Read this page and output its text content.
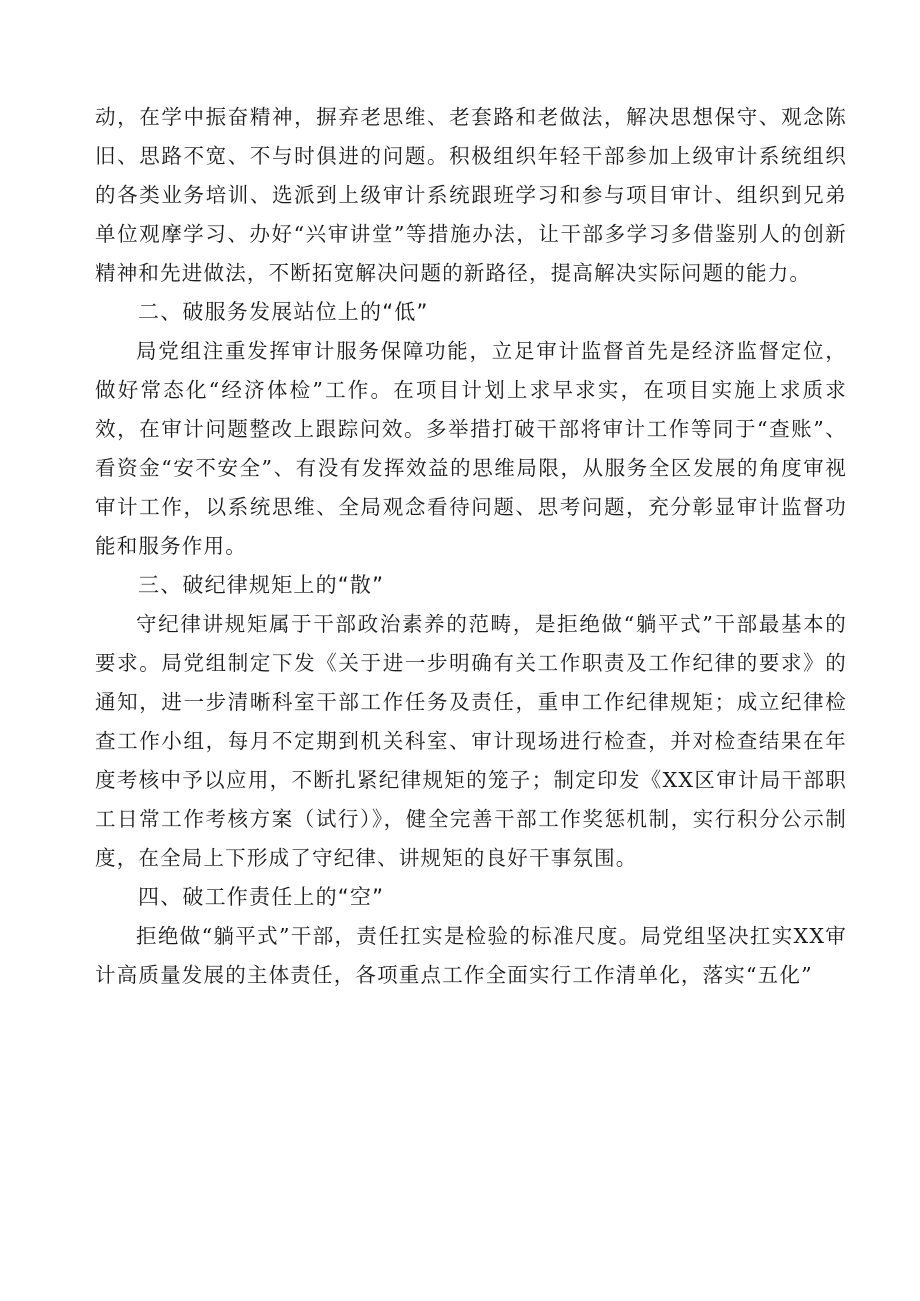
动，在学中振奋精神，摒弃老思维、老套路和老做法，解决思想保守、观念陈旧、思路不宽、不与时俱进的问题。积极组织年轻干部参加上级审计系统组织的各类业务培训、选派到上级审计系统跟班学习和参与项目审计、组织到兄弟单位观摩学习、办好“兴审讲堂”等措施办法，让干部多学习多借鉴别人的创新精神和先进做法，不断拓宽解决问题的新路径，提高解决实际问题的能力。

二、破服务发展站位上的“低”

局党组注重发挥审计服务保障功能，立足审计监督首先是经济监督定位，做好常态化“经济体检”工作。在项目计划上求早求实，在项目实施上求质求效，在审计问题整改上跟踪问效。多举措打破干部将审计工作等同于“查账”、看资金“安不安全”、有没有发挥效益的思维局限，从服务全区发展的角度审视审计工作，以系统思维、全局观念看待问题、思考问题，充分彰显审计监督功能和服务作用。

三、破纪律规矩上的“散”

守纪律讲规矩属于干部政治素养的范畴，是拒绝做“躺平式”干部最基本的要求。局党组制定下发《关于进一步明确有关工作职责及工作纪律的要求》的通知，进一步清晰科室干部工作任务及责任，重申工作纪律规矩；成立纪律检查工作小组，每月不定期到机关科室、审计现场进行检查，并对检查结果在年度考核中予以应用，不断扎紧纪律规矩的笼子；制定印发《XX区审计局干部职工日常工作考核方案（试行）》，健全完善干部工作奖惩机制，实行积分公示制度，在全局上下形成了守纪律、讲规矩的良好干事氛围。

四、破工作责任上的“空”

拒绝做“躺平式”干部，责任扛实是检验的标准尺度。局党组坚决扛实XX审计高质量发展的主体责任，各项重点工作全面实行工作清单化，落实“五化”
